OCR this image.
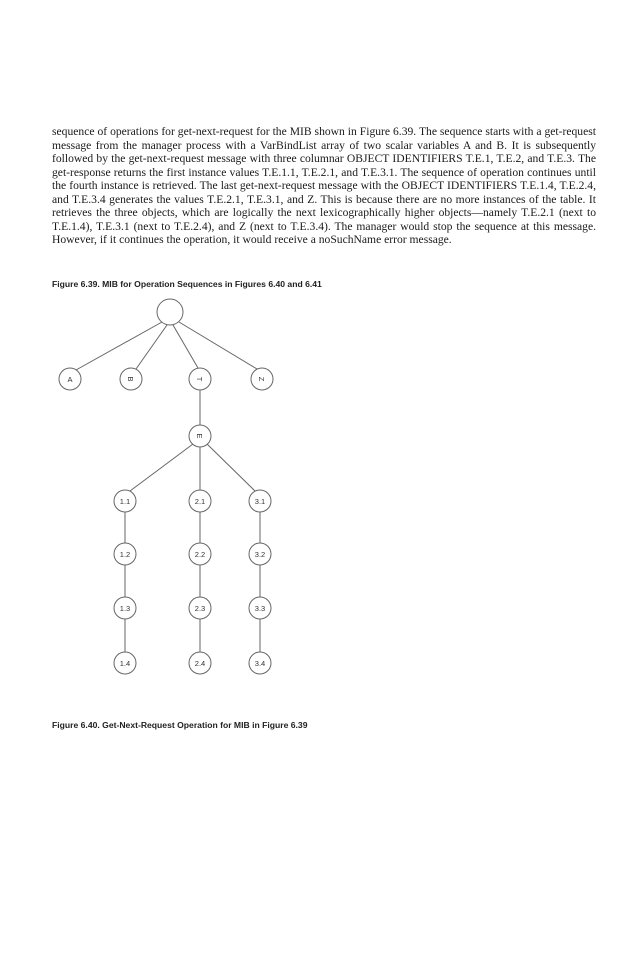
sequence of operations for get-next-request for the MIB shown in Figure 6.39. The sequence starts with a get-request message from the manager process with a VarBindList array of two scalar variables A and B. It is subsequently followed by the get-next-request message with three columnar OBJECT IDENTIFIERS T.E.1, T.E.2, and T.E.3. The get-response returns the first instance values T.E.1.1, T.E.2.1, and T.E.3.1. The sequence of operation continues until the fourth instance is retrieved. The last get-next-request message with the OBJECT IDENTIFIERS T.E.1.4, T.E.2.4, and T.E.3.4 generates the values T.E.2.1, T.E.3.1, and Z. This is because there are no more instances of the table. It retrieves the three objects, which are logically the next lexicographically higher objects—namely T.E.2.1 (next to T.E.1.4), T.E.3.1 (next to T.E.2.4), and Z (next to T.E.3.4). The manager would stop the sequence at this message. However, if it continues the operation, it would receive a noSuchName error message.

Figure 6.39. MIB for Operation Sequences in Figures 6.40 and 6.41

A	B	T	Z
E
1.1
1.2
1.3
1.4
2.1
2.2
2.3
2.4
3.1
3.2
3.3
3.4

Figure 6.40. Get-Next-Request Operation for MIB in Figure 6.39
